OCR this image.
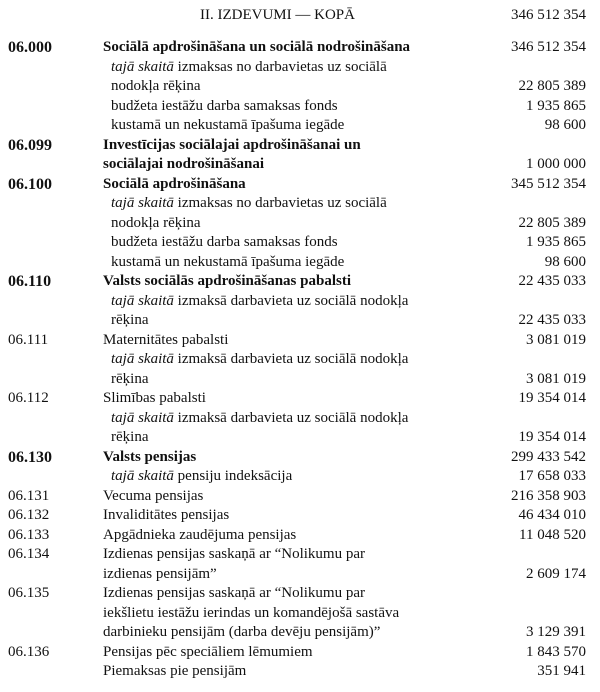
II. IZDEVUMI — KOPĀ	346 512 354
06.000	Sociālā apdrošināšana un sociālā nodrošināšana	346 512 354
tajā skaitā izmaksas no darbavietas uz sociālā
nodokļa rēķina	22 805 389
budžeta iestāžu darba samaksas fonds	1 935 865
kustamā un nekustamā īpašuma iegāde	98 600
06.099	Investīcijas sociālajai apdrošināšanai un
sociālajai nodrošināšanai	1 000 000
06.100	Sociālā apdrošināšana	345 512 354
tajā skaitā izmaksas no darbavietas uz sociālā
nodokļa rēķina	22 805 389
budžeta iestāžu darba samaksas fonds	1 935 865
kustamā un nekustamā īpašuma iegāde	98 600
06.110	Valsts sociālās apdrošināšanas pabalsti	22 435 033
tajā skaitā izmaksā darbavieta uz sociālā nodokļa
rēķina	22 435 033
06.111	Maternitātes pabalsti	3 081 019
tajā skaitā izmaksā darbavieta uz sociālā nodokļa
rēķina	3 081 019
06.112	Slimības pabalsti	19 354 014
tajā skaitā izmaksā darbavieta uz sociālā nodokļa
rēķina	19 354 014
06.130	Valsts pensijas	299 433 542
tajā skaitā pensiju indeksācija	17 658 033
06.131	Vecuma pensijas	216 358 903
06.132	Invaliditātes pensijas	46 434 010
06.133	Apgādnieka zaudējuma pensijas	11 048 520
06.134	Izdienas pensijas saskaņā ar “Nolikumu par
izdienas pensijām”	2 609 174
06.135	Izdienas pensijas saskaņā ar “Nolikumu par
iekšlietu iestāžu ierindas un komandējošā sastāva
darbinieku pensijām (darba devēju pensijām)”	3 129 391
06.136	Pensijas pēc speciāliem lēmumiem	1 843 570
Piemaksas pie pensijām	351 941
